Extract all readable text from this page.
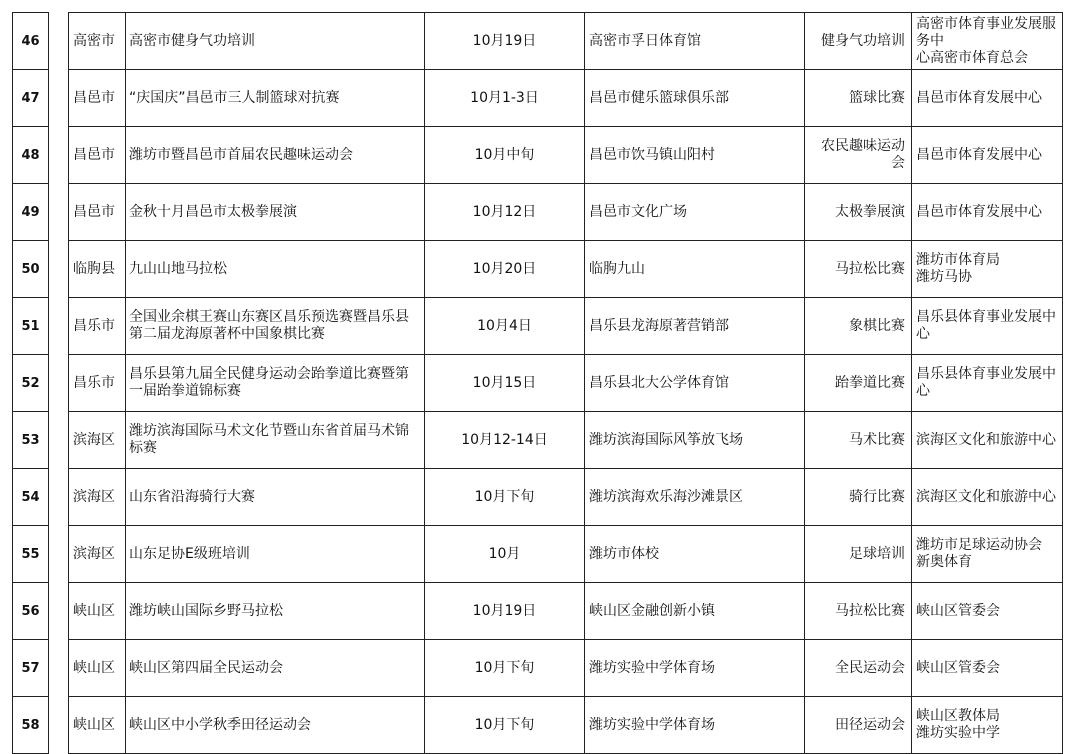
46		高密市	高密市健身气功培训	10月19日	高密市孚日体育馆	健身气功培训	高密市体育事业发展服务中
心高密市体育总会

47		昌邑市	“庆国庆”昌邑市三人制篮球对抗赛	10月1-3日	昌邑市健乐篮球俱乐部	篮球比赛	昌邑市体育发展中心

48		昌邑市	潍坊市暨昌邑市首届农民趣味运动会	10月中旬	昌邑市饮马镇山阳村	农民趣味运动会	昌邑市体育发展中心

49		昌邑市	金秋十月昌邑市太极拳展演	10月12日	昌邑市文化广场	太极拳展演	昌邑市体育发展中心

50		临朐县	九山山地马拉松	10月20日	临朐九山	马拉松比赛	潍坊市体育局
潍坊马协

51		昌乐市	全国业余棋王赛山东赛区昌乐预选赛暨昌乐县第二届龙海原著杯中国象棋比赛	10月4日	昌乐县龙海原著营销部	象棋比赛	昌乐县体育事业发展中心

52		昌乐市	昌乐县第九届全民健身运动会跆拳道比赛暨第一届跆拳道锦标赛	10月15日	昌乐县北大公学体育馆	跆拳道比赛	昌乐县体育事业发展中心

53		滨海区	潍坊滨海国际马术文化节暨山东省首届马术锦标赛	10月12-14日	潍坊滨海国际风筝放飞场	马术比赛	滨海区文化和旅游中心

54		滨海区	山东省沿海骑行大赛	10月下旬	潍坊滨海欢乐海沙滩景区	骑行比赛	滨海区文化和旅游中心

55		滨海区	山东足协E级班培训	10月	潍坊市体校	足球培训	潍坊市足球运动协会
新奥体育

56		峡山区	潍坊峡山国际乡野马拉松	10月19日	峡山区金融创新小镇	马拉松比赛	峡山区管委会

57		峡山区	峡山区第四届全民运动会	10月下旬	潍坊实验中学体育场	全民运动会	峡山区管委会

58		峡山区	峡山区中小学秋季田径运动会	10月下旬	潍坊实验中学体育场	田径运动会	峡山区教体局
潍坊实验中学
